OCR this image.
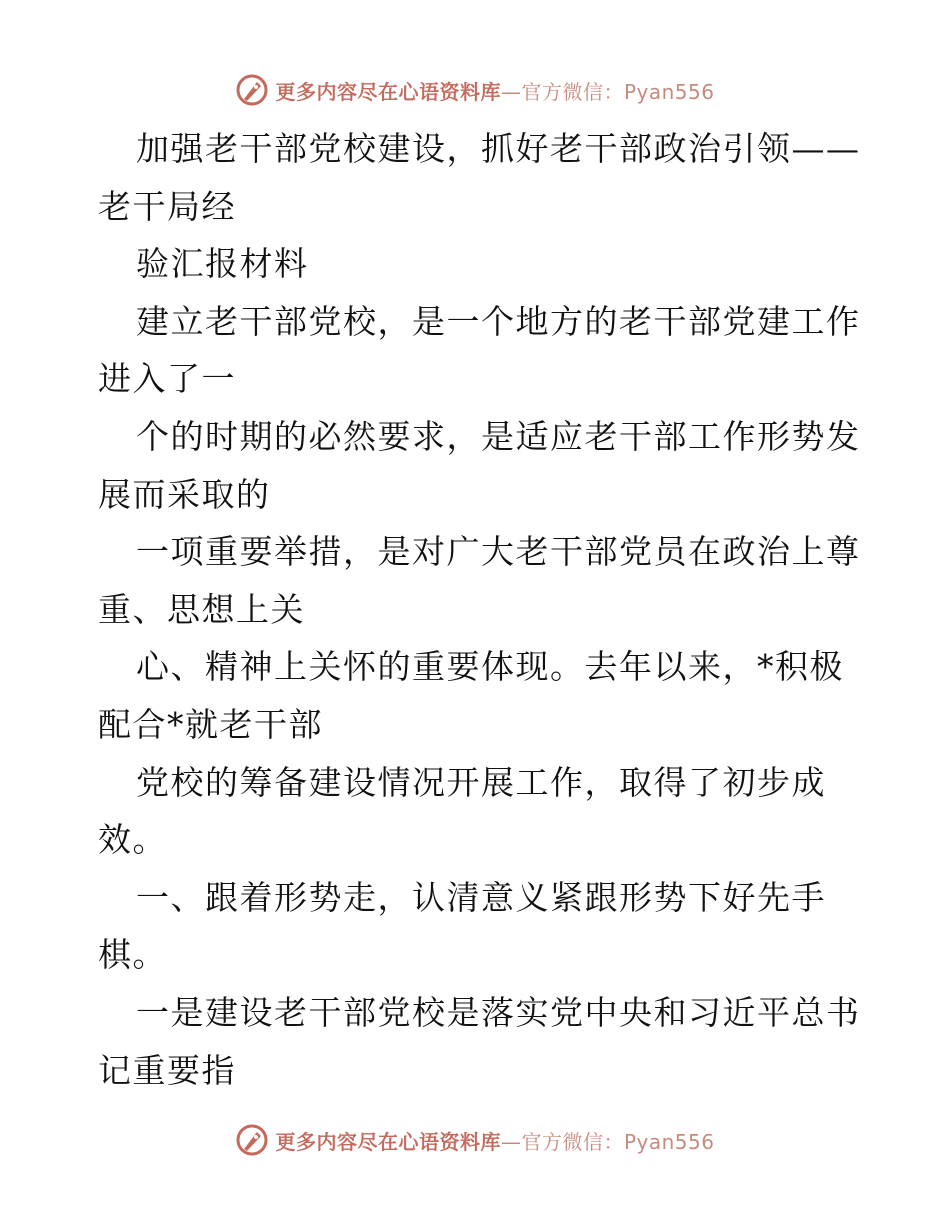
更多内容尽在心语资料库—官方微信：Pyan556
加强老干部党校建设，抓好老干部政治引领——
老干局经
验汇报材料
建立老干部党校，是一个地方的老干部党建工作
进入了一
个的时期的必然要求，是适应老干部工作形势发
展而采取的
一项重要举措，是对广大老干部党员在政治上尊
重、思想上关
心、精神上关怀的重要体现。去年以来，*积极
配合*就老干部
党校的筹备建设情况开展工作，取得了初步成
效。
一、跟着形势走，认清意义紧跟形势下好先手
棋。
一是建设老干部党校是落实党中央和习近平总书
记重要指
更多内容尽在心语资料库—官方微信：Pyan556
